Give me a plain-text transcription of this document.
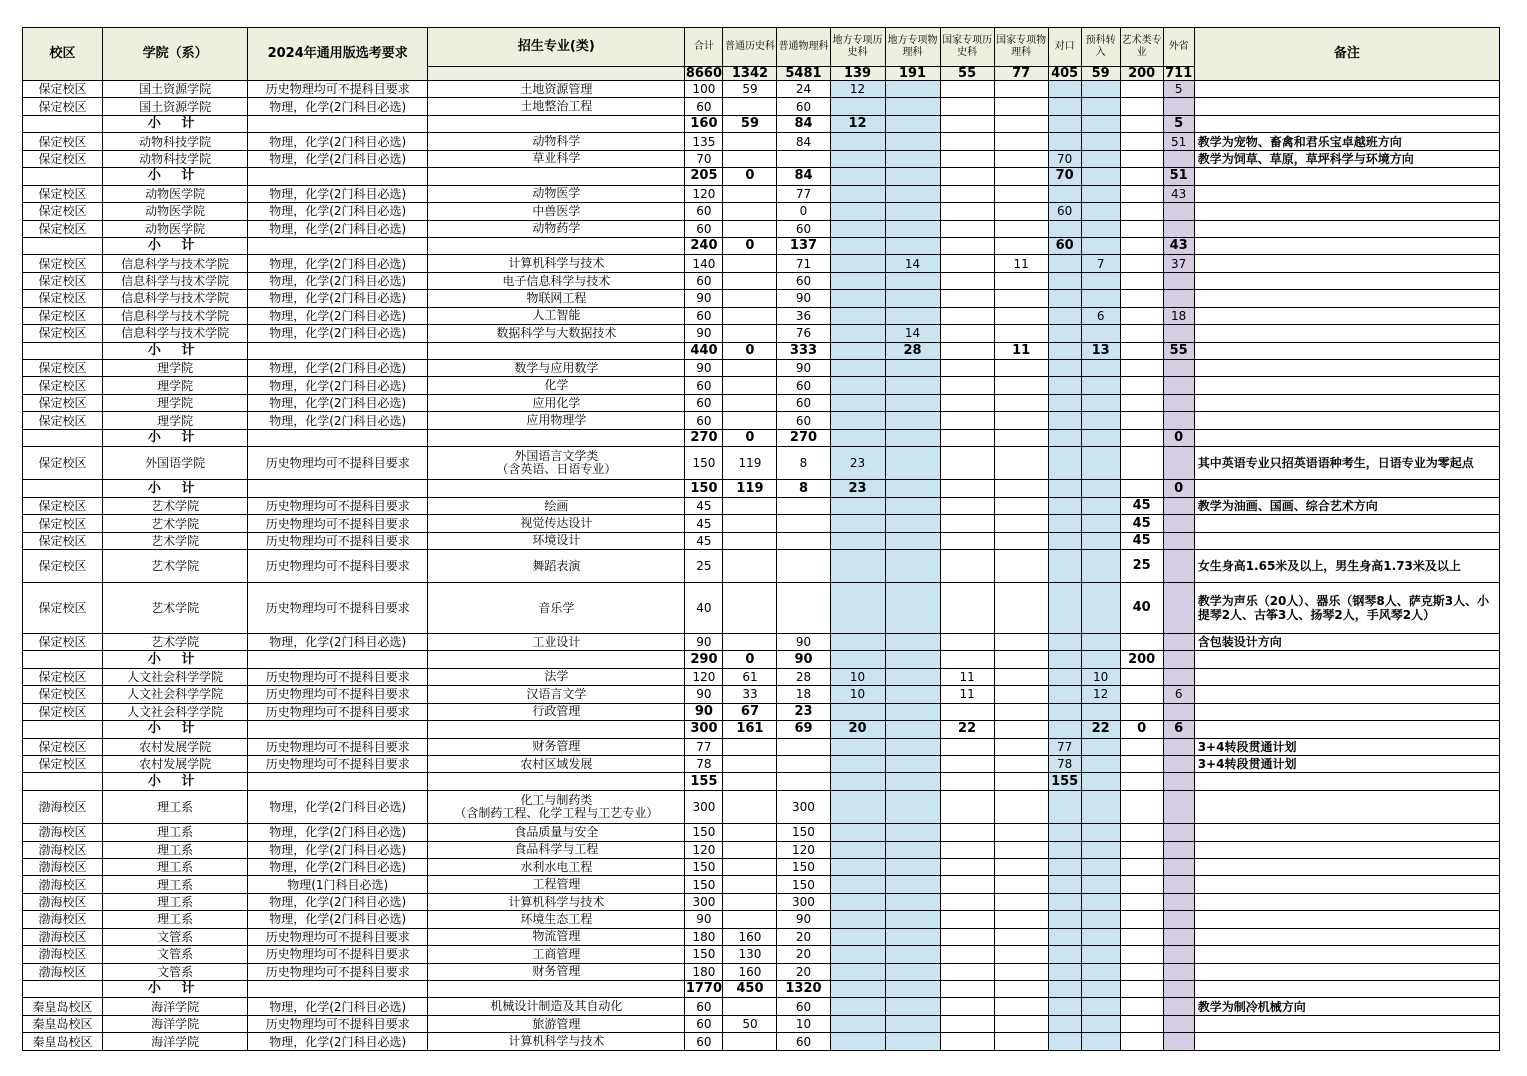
校区	学院（系）	2024年通用版选考要求	招生专业(类)	合计	普通历史科	普通物理科	地方专项历史科	地方专项物理科	国家专项历史科	国家专项物理科	对口	预科转入	艺术类专业	外省	备注
				8660	1342	5481	139	191	55	77	405	59	200	711	
保定校区	国土资源学院	历史物理均可不提科目要求	土地资源管理	100	59	24	12							5	
保定校区	国土资源学院	物理，化学(2门科目必选)	土地整治工程	60		60									
	小 计			160	59	84	12							5	
保定校区	动物科技学院	物理，化学(2门科目必选)	动物科学	135		84								51	教学为宠物、畜禽和君乐宝卓越班方向
保定校区	动物科技学院	物理，化学(2门科目必选)	草业科学	70							70				教学为饲草、草原，草坪科学与环境方向
	小 计			205	0	84					70			51	
保定校区	动物医学院	物理，化学(2门科目必选)	动物医学	120		77								43	
保定校区	动物医学院	物理，化学(2门科目必选)	中兽医学	60		0					60				
保定校区	动物医学院	物理，化学(2门科目必选)	动物药学	60		60									
	小 计			240	0	137					60			43	
保定校区	信息科学与技术学院	物理，化学(2门科目必选)	计算机科学与技术	140		71		14		11		7		37	
保定校区	信息科学与技术学院	物理，化学(2门科目必选)	电子信息科学与技术	60		60									
保定校区	信息科学与技术学院	物理，化学(2门科目必选)	物联网工程	90		90									
保定校区	信息科学与技术学院	物理，化学(2门科目必选)	人工智能	60		36						6		18	
保定校区	信息科学与技术学院	物理，化学(2门科目必选)	数据科学与大数据技术	90		76		14							
	小 计			440	0	333		28		11		13		55	
保定校区	理学院	物理，化学(2门科目必选)	数学与应用数学	90		90									
保定校区	理学院	物理，化学(2门科目必选)	化学	60		60									
保定校区	理学院	物理，化学(2门科目必选)	应用化学	60		60									
保定校区	理学院	物理，化学(2门科目必选)	应用物理学	60		60									
	小 计			270	0	270								0	
保定校区	外国语学院	历史物理均可不提科目要求	外国语言文学类
（含英语、日语专业）	150	119	8	23								其中英语专业只招英语语种考生，日语专业为零起点
	小 计			150	119	8	23							0	
保定校区	艺术学院	历史物理均可不提科目要求	绘画	45									45		教学为油画、国画、综合艺术方向
保定校区	艺术学院	历史物理均可不提科目要求	视觉传达设计	45									45		
保定校区	艺术学院	历史物理均可不提科目要求	环境设计	45									45		
保定校区	艺术学院	历史物理均可不提科目要求	舞蹈表演	25									25		女生身高1.65米及以上，男生身高1.73米及以上
保定校区	艺术学院	历史物理均可不提科目要求	音乐学	40									40		教学为声乐（20人）、器乐（钢琴8人、萨克斯3人、小提琴2人、古筝3人、扬琴2人，手风琴2人）
保定校区	艺术学院	物理，化学(2门科目必选)	工业设计	90		90									含包装设计方向
	小 计			290	0	90							200		
保定校区	人文社会科学学院	历史物理均可不提科目要求	法学	120	61	28	10		11			10			
保定校区	人文社会科学学院	历史物理均可不提科目要求	汉语言文学	90	33	18	10		11			12		6	
保定校区	人文社会科学学院	历史物理均可不提科目要求	行政管理	90	67	23									
	小 计			300	161	69	20		22			22	0	6	
保定校区	农村发展学院	历史物理均可不提科目要求	财务管理	77							77				3+4转段贯通计划
保定校区	农村发展学院	历史物理均可不提科目要求	农村区域发展	78							78				3+4转段贯通计划
	小 计			155							155				
渤海校区	理工系	物理，化学(2门科目必选)	化工与制药类
（含制药工程、化学工程与工艺专业）	300		300									
渤海校区	理工系	物理，化学(2门科目必选)	食品质量与安全	150		150									
渤海校区	理工系	物理，化学(2门科目必选)	食品科学与工程	120		120									
渤海校区	理工系	物理，化学(2门科目必选)	水利水电工程	150		150									
渤海校区	理工系	物理(1门科目必选)	工程管理	150		150									
渤海校区	理工系	物理，化学(2门科目必选)	计算机科学与技术	300		300									
渤海校区	理工系	物理，化学(2门科目必选)	环境生态工程	90		90									
渤海校区	文管系	历史物理均可不提科目要求	物流管理	180	160	20									
渤海校区	文管系	历史物理均可不提科目要求	工商管理	150	130	20									
渤海校区	文管系	历史物理均可不提科目要求	财务管理	180	160	20									
	小 计			1770	450	1320									
秦皇岛校区	海洋学院	物理，化学(2门科目必选)	机械设计制造及其自动化	60		60									教学为制冷机械方向
秦皇岛校区	海洋学院	历史物理均可不提科目要求	旅游管理	60	50	10									
秦皇岛校区	海洋学院	物理，化学(2门科目必选)	计算机科学与技术	60		60									
